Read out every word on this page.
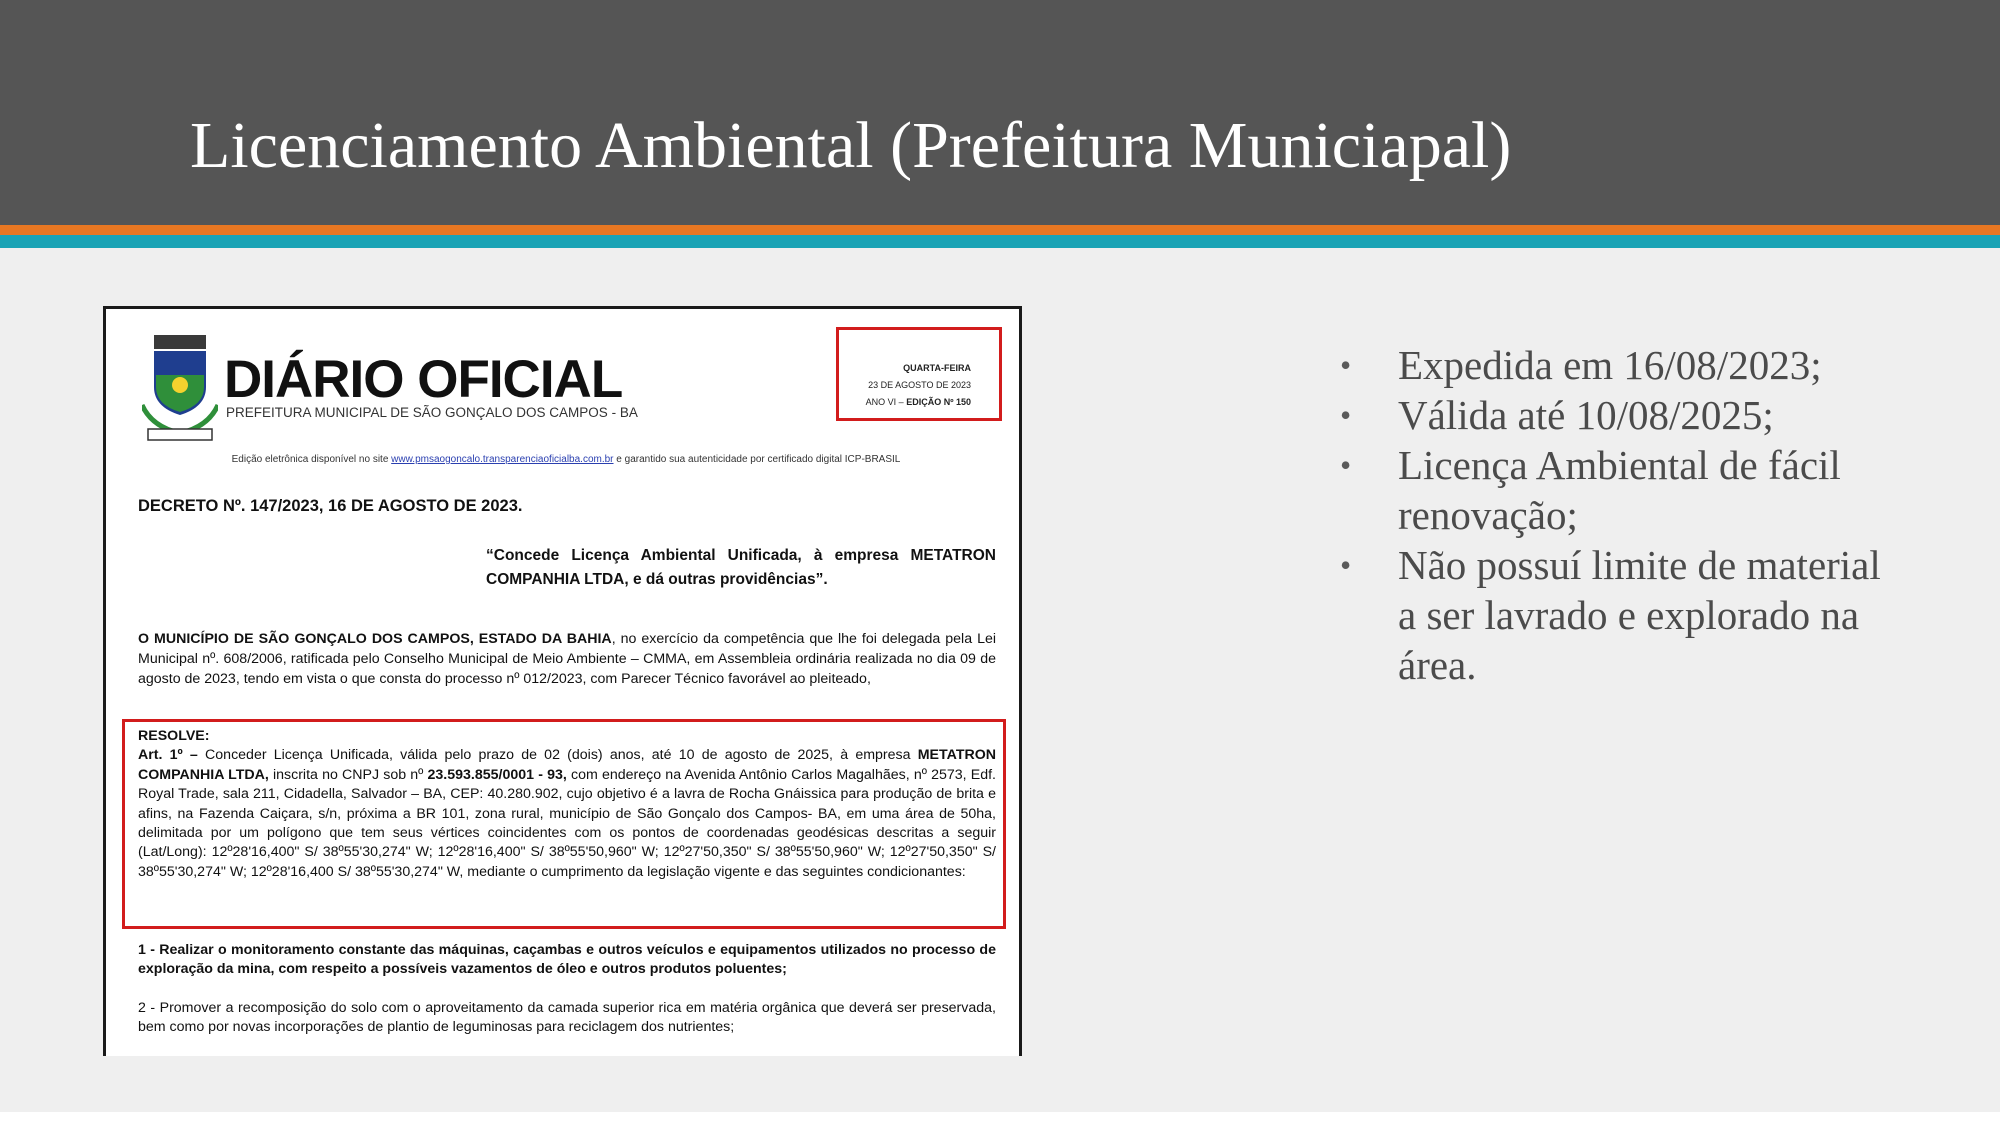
Licenciamento Ambiental (Prefeitura Municiapal)
DIÁRIO OFICIAL
PREFEITURA MUNICIPAL DE SÃO GONÇALO DOS CAMPOS - BA
QUARTA-FEIRA
23 DE AGOSTO DE 2023
ANO VI – EDIÇÃO Nº 150
Edição eletrônica disponível no site www.pmsaogoncalo.transparenciaoficialba.com.br e garantido sua autenticidade por certificado digital ICP-BRASIL
DECRETO Nº. 147/2023, 16 DE AGOSTO DE 2023.
“Concede Licença Ambiental Unificada, à empresa METATRON COMPANHIA LTDA, e dá outras providências”.
O MUNICÍPIO DE SÃO GONÇALO DOS CAMPOS, ESTADO DA BAHIA, no exercício da competência que lhe foi delegada pela Lei Municipal nº. 608/2006, ratificada pelo Conselho Municipal de Meio Ambiente – CMMA, em Assembleia ordinária realizada no dia 09 de agosto de 2023, tendo em vista o que consta do processo nº 012/2023, com Parecer Técnico favorável ao pleiteado,
RESOLVE:
Art. 1º – Conceder Licença Unificada, válida pelo prazo de 02 (dois) anos, até 10 de agosto de 2025, à empresa METATRON COMPANHIA LTDA, inscrita no CNPJ sob nº 23.593.855/0001 - 93, com endereço na Avenida Antônio Carlos Magalhães, nº 2573, Edf. Royal Trade, sala 211, Cidadella, Salvador – BA, CEP: 40.280.902, cujo objetivo é a lavra de Rocha Gnáissica para produção de brita e afins, na Fazenda Caiçara, s/n, próxima a BR 101, zona rural, município de São Gonçalo dos Campos- BA, em uma área de 50ha, delimitada por um polígono que tem seus vértices coincidentes com os pontos de coordenadas geodésicas descritas a seguir (Lat/Long): 12º28'16,400" S/ 38º55'30,274" W; 12º28'16,400" S/ 38º55'50,960" W; 12º27'50,350" S/ 38º55'50,960" W; 12º27'50,350" S/ 38º55'30,274" W; 12º28'16,400 S/ 38º55'30,274" W, mediante o cumprimento da legislação vigente e das seguintes condicionantes:
1 - Realizar o monitoramento constante das máquinas, caçambas e outros veículos e equipamentos utilizados no processo de exploração da mina, com respeito a possíveis vazamentos de óleo e outros produtos poluentes;
2 - Promover a recomposição do solo com o aproveitamento da camada superior rica em matéria orgânica que deverá ser preservada, bem como por novas incorporações de plantio de leguminosas para reciclagem dos nutrientes;
• Expedida em 16/08/2023;
• Válida até 10/08/2025;
• Licença Ambiental de fácil renovação;
• Não possuí limite de material a ser lavrado e explorado na área.
